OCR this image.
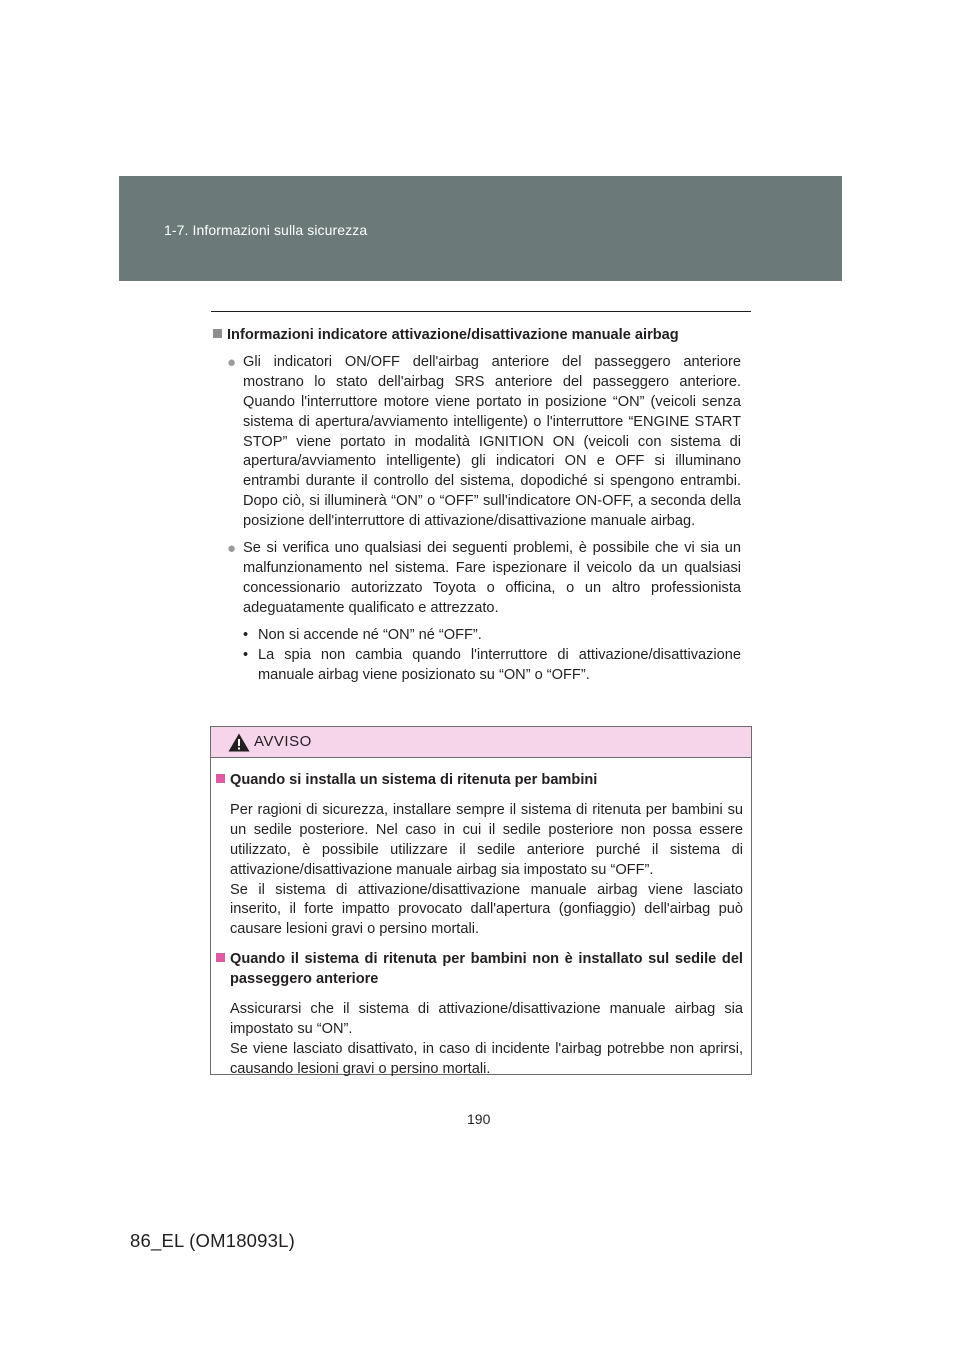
1-7. Informazioni sulla sicurezza
Informazioni indicatore attivazione/disattivazione manuale airbag
● Gli indicatori ON/OFF dell'airbag anteriore del passeggero anteriore mostrano lo stato dell'airbag SRS anteriore del passeggero anteriore. Quando l'interruttore motore viene portato in posizione “ON” (veicoli senza sistema di apertura/avviamento intelligente) o l'interruttore “ENGINE START STOP” viene portato in modalità IGNITION ON (veicoli con sistema di apertura/avviamento intelligente) gli indicatori ON e OFF si illuminano entrambi durante il controllo del sistema, dopodiché si spengono entrambi. Dopo ciò, si illuminerà “ON” o “OFF” sull'indicatore ON-OFF, a seconda della posizione dell'interruttore di attivazione/disattivazione manuale airbag.
● Se si verifica uno qualsiasi dei seguenti problemi, è possibile che vi sia un malfunzionamento nel sistema. Fare ispezionare il veicolo da un qualsiasi concessionario autorizzato Toyota o officina, o un altro professionista adeguatamente qualificato e attrezzato.
• Non si accende né “ON” né “OFF”.
• La spia non cambia quando l'interruttore di attivazione/disattivazione manuale airbag viene posizionato su “ON” o “OFF”.
AVVISO
Quando si installa un sistema di ritenuta per bambini
Per ragioni di sicurezza, installare sempre il sistema di ritenuta per bambini su un sedile posteriore. Nel caso in cui il sedile posteriore non possa essere utilizzato, è possibile utilizzare il sedile anteriore purché il sistema di attivazione/disattivazione manuale airbag sia impostato su “OFF”.
Se il sistema di attivazione/disattivazione manuale airbag viene lasciato inserito, il forte impatto provocato dall'apertura (gonfiaggio) dell'airbag può causare lesioni gravi o persino mortali.
Quando il sistema di ritenuta per bambini non è installato sul sedile del passeggero anteriore
Assicurarsi che il sistema di attivazione/disattivazione manuale airbag sia impostato su “ON”.
Se viene lasciato disattivato, in caso di incidente l'airbag potrebbe non aprirsi, causando lesioni gravi o persino mortali.
190
86_EL (OM18093L)
